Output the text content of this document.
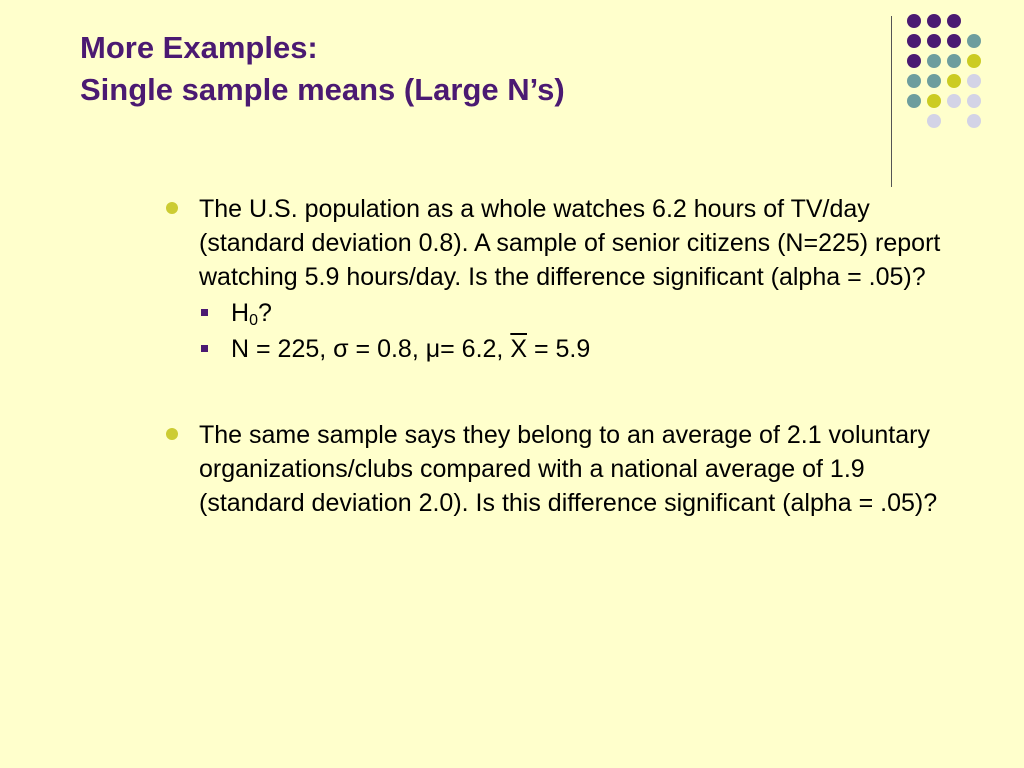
More Examples:
Single sample means (Large N’s)
The U.S. population as a whole watches 6.2 hours of TV/day (standard deviation 0.8). A sample of senior citizens (N=225) report watching 5.9 hours/day. Is the difference significant (alpha = .05)?
$H_0$?
N = 225, σ = 0.8, μ= 6.2, $\overline{X} = 5.9$
The same sample says they belong to an average of 2.1 voluntary organizations/clubs compared with a national average of 1.9 (standard deviation 2.0). Is this difference significant (alpha = .05)?
